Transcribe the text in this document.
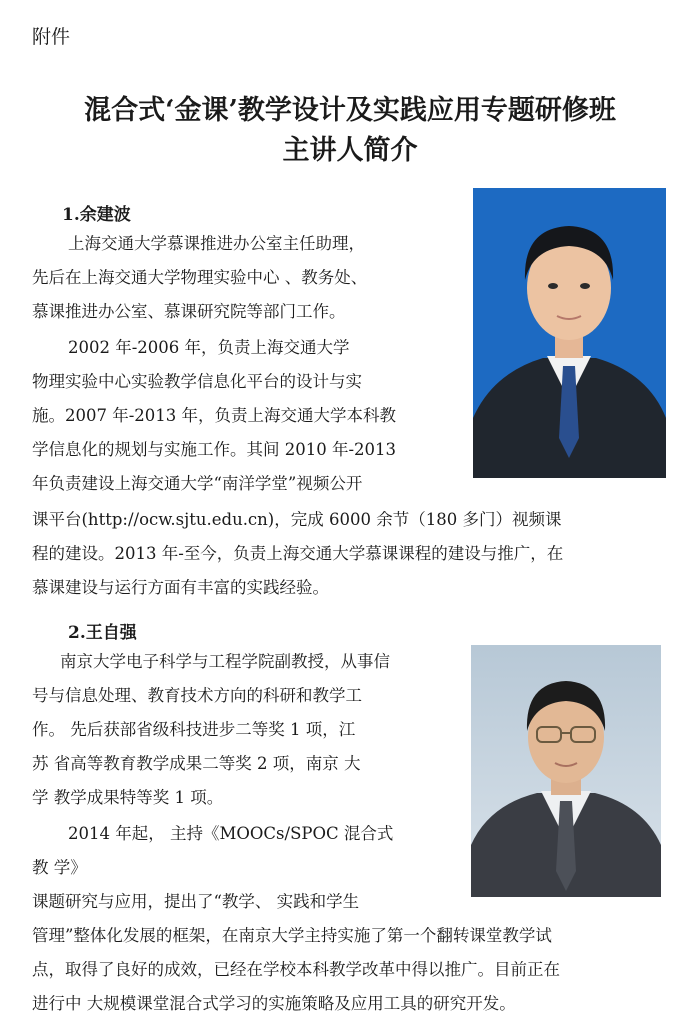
附件
混合式‘金课’教学设计及实践应用专题研修班
主讲人简介
1.余建波
上海交通大学慕课推进办公室主任助理，
先后在上海交通大学物理实验中心 、教务处、
慕课推进办公室、慕课研究院等部门工作。
2002 年-2006 年，负责上海交通大学
物理实验中心实验教学信息化平台的设计与实
施。2007 年-2013 年，负责上海交通大学本科教
学信息化的规划与实施工作。其间 2010 年-2013
年负责建设上海交通大学“南洋学堂”视频公开
课平台(http://ocw.sjtu.edu.cn)，完成 6000 余节（180 多门）视频课
程的建设。2013 年-至今，负责上海交通大学慕课课程的建设与推广，在
慕课建设与运行方面有丰富的实践经验。
2.王自强
南京大学电子科学与工程学院副教授，从事信
号与信息处理、教育技术方向的科研和教学工
作。 先后获部省级科技进步二等奖 1 项，江
苏 省高等教育教学成果二等奖 2 项，南京 大
学 教学成果特等奖 1 项。
2014 年起， 主持《MOOCs/SPOC 混合式
教 学》
课题研究与应用，提出了“教学、 实践和学生
管理”整体化发展的框架，在南京大学主持实施了第一个翻转课堂教学试
点，取得了良好的成效，已经在学校本科教学改革中得以推广。目前正在
进行中 大规模课堂混合式学习的实施策略及应用工具的研究开发。
